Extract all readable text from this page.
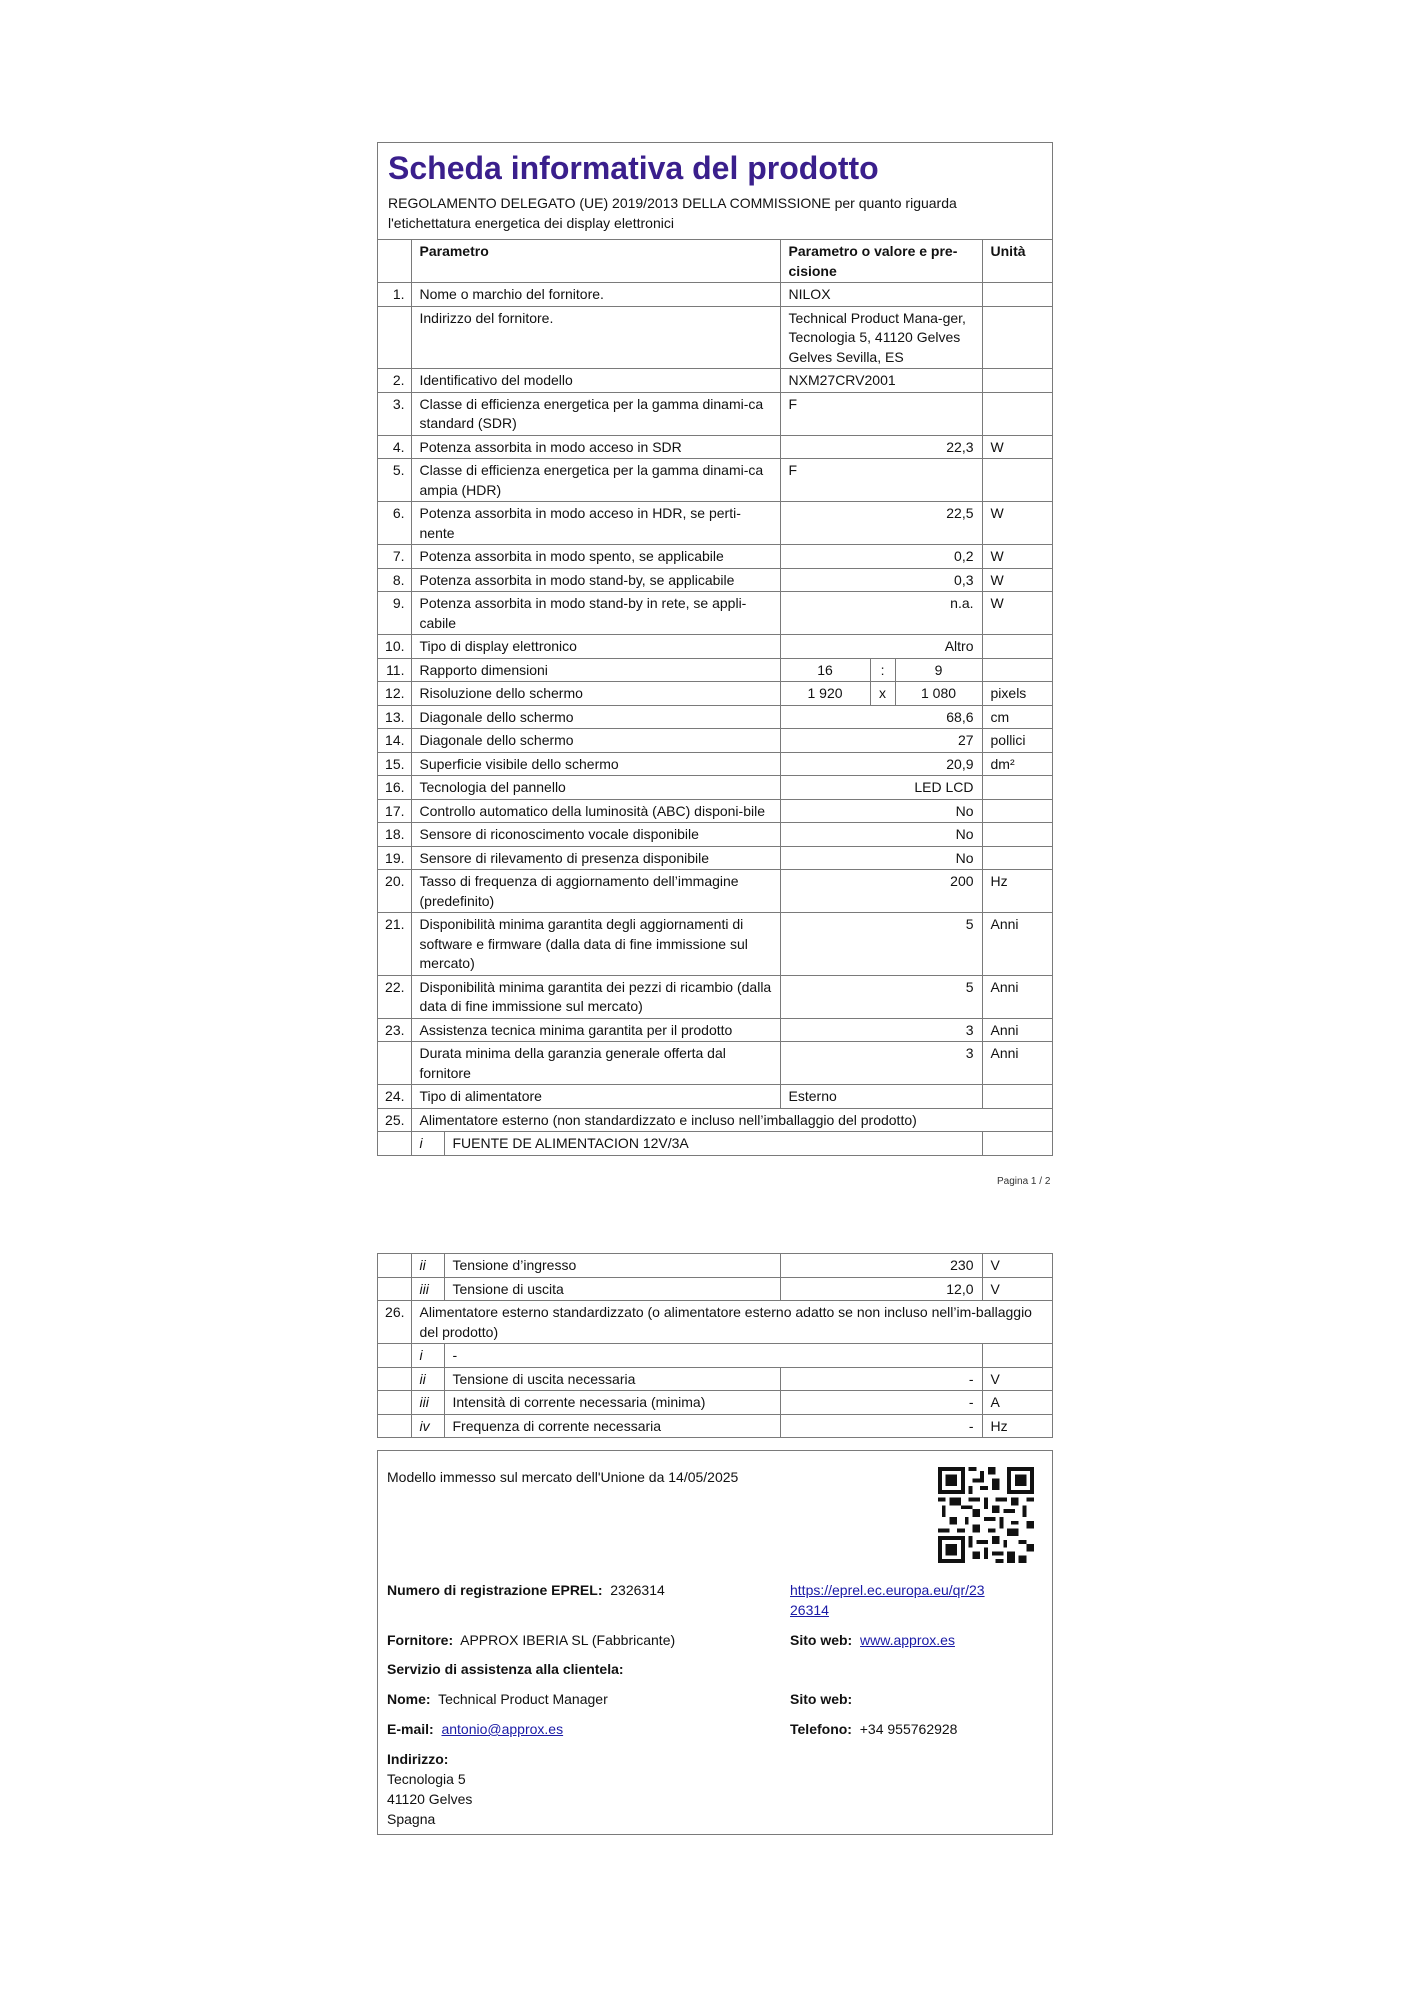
Scheda informativa del prodotto
REGOLAMENTO DELEGATO (UE) 2019/2013 DELLA COMMISSIONE per quanto riguarda l'etichettatura energetica dei display elettronici
	Parametro		Parametro o valore e pre-cisione			Unità
1.	Nome o marchio del fornitore.		NILOX			
	Indirizzo del fornitore.		Technical Product Mana-ger, Tecnologia 5, 41120 Gelves Gelves Sevilla, ES			
2.	Identificativo del modello		NXM27CRV2001			
3.	Classe di efficienza energetica per la gamma dinami-ca standard (SDR)		F			
4.	Potenza assorbita in modo acceso in SDR		22,3			W
5.	Classe di efficienza energetica per la gamma dinami-ca ampia (HDR)		F			
6.	Potenza assorbita in modo acceso in HDR, se perti-nente		22,5			W
7.	Potenza assorbita in modo spento, se applicabile		0,2			W
8.	Potenza assorbita in modo stand-by, se applicabile		0,3			W
9.	Potenza assorbita in modo stand-by in rete, se appli-cabile		n.a.			W
10.	Tipo di display elettronico		Altro			
11.	Rapporto dimensioni		16	:	9	
12.	Risoluzione dello schermo		1 920	x	1 080	pixels
13.	Diagonale dello schermo		68,6			cm
14.	Diagonale dello schermo		27			pollici
15.	Superficie visibile dello schermo		20,9			dm²
16.	Tecnologia del pannello		LED LCD			
17.	Controllo automatico della luminosità (ABC) disponi-bile		No			
18.	Sensore di riconoscimento vocale disponibile		No			
19.	Sensore di rilevamento di presenza disponibile		No			
20.	Tasso di frequenza di aggiornamento dell’immagine (predefinito)		200			Hz
21.	Disponibilità minima garantita degli aggiornamenti di software e firmware (dalla data di fine immissione sul mercato)		5			Anni
22.	Disponibilità minima garantita dei pezzi di ricambio (dalla data di fine immissione sul mercato)		5			Anni
23.	Assistenza tecnica minima garantita per il prodotto		3			Anni
	Durata minima della garanzia generale offerta dal fornitore		3			Anni
24.	Tipo di alimentatore		Esterno			
25.	Alimentatore esterno (non standardizzato e incluso nell’imballaggio del prodotto)					
	i	FUENTE DE ALIMENTACION 12V/3A				
Pagina 1 / 2
	ii	Tensione d’ingresso	230	V
	iii	Tensione di uscita	12,0	V
26.	Alimentatore esterno standardizzato (o alimentatore esterno adatto se non incluso nell’im-ballaggio del prodotto)			
	i	-		
	ii	Tensione di uscita necessaria	-	V
	iii	Intensità di corrente necessaria (minima)	-	A
	iv	Frequenza di corrente necessaria	-	Hz
Modello immesso sul mercato dell'Unione da 14/05/2025
Numero di registrazione EPREL: 2326314	https://eprel.ec.europa.eu/qr/23
26314
Fornitore: APPROX IBERIA SL (Fabbricante)	Sito web: www.approx.es
Servizio di assistenza alla clientela:
Nome: Technical Product Manager	Sito web:
E-mail: antonio@approx.es	Telefono: +34 955762928
Indirizzo:
Tecnologia 5
41120 Gelves
Spagna
